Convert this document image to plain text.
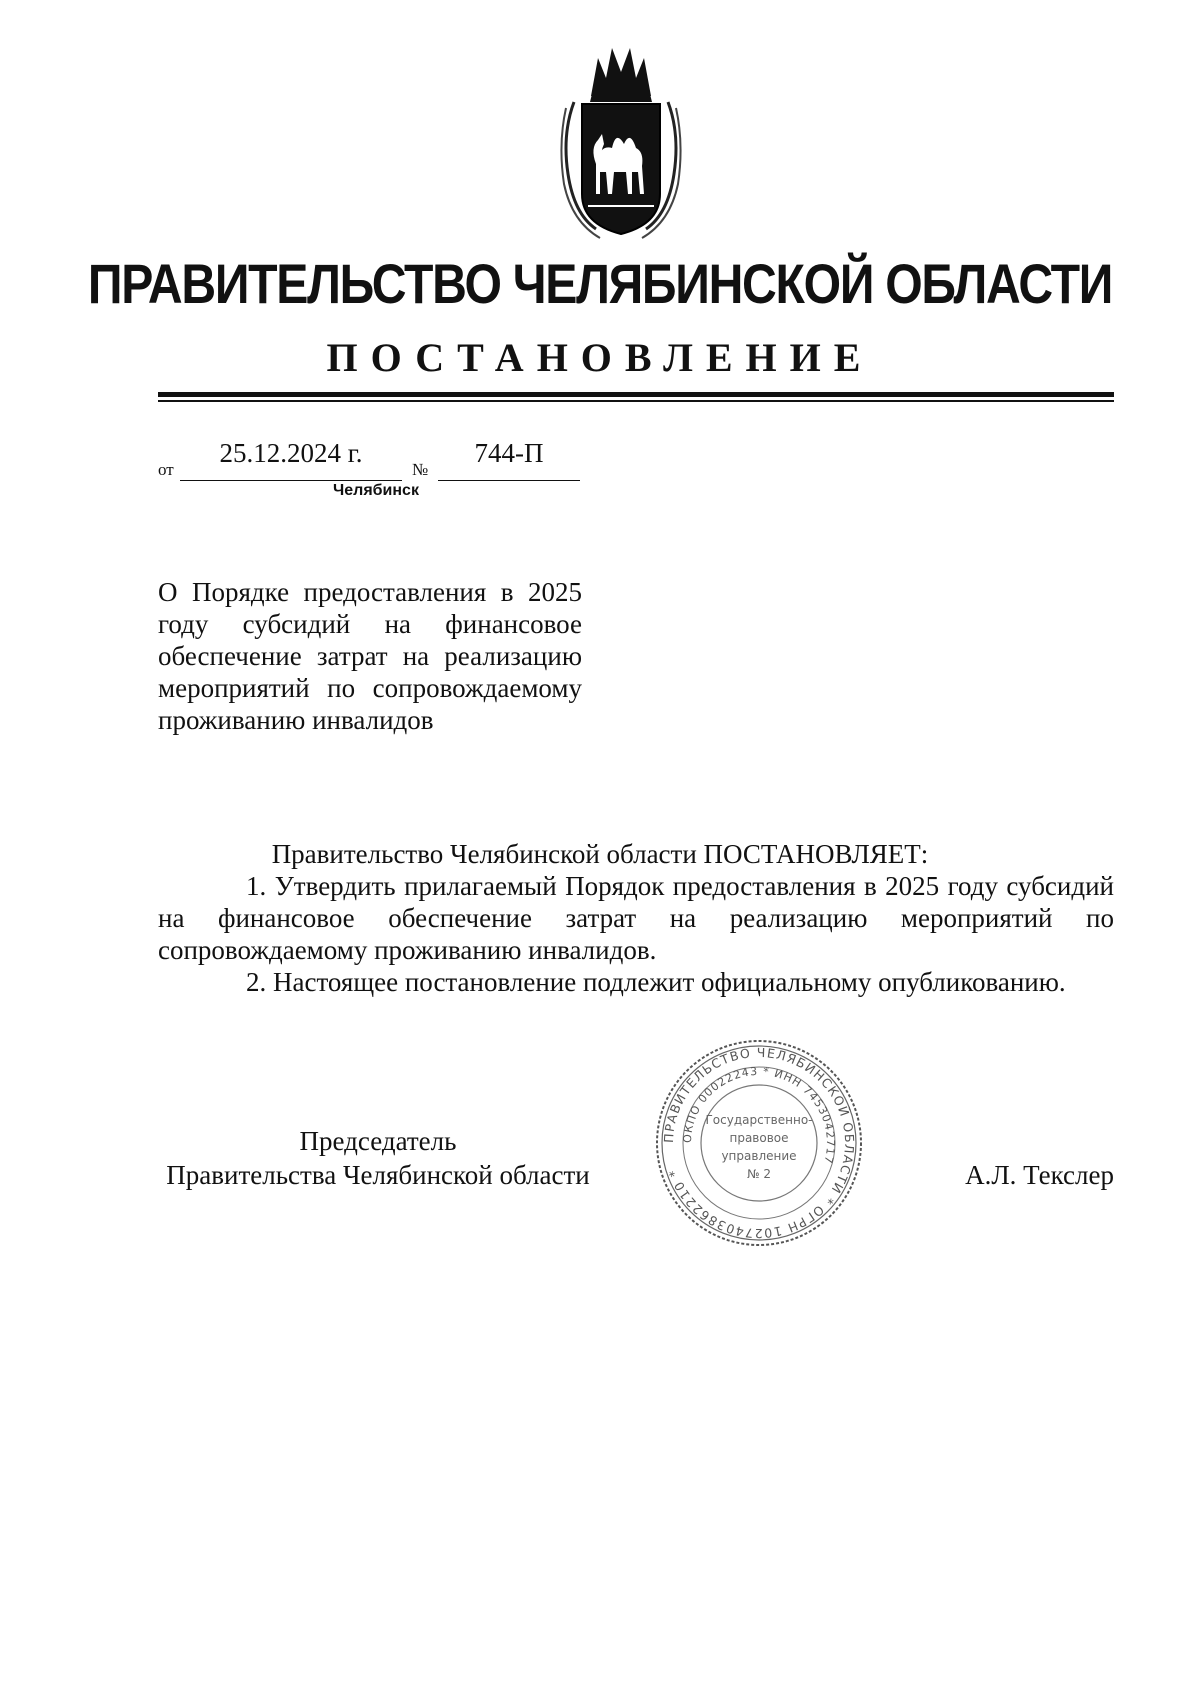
ПРАВИТЕЛЬСТВО ЧЕЛЯБИНСКОЙ ОБЛАСТИ
ПОСТАНОВЛЕНИЕ
от
25.12.2024 г.
№
744-П
Челябинск
О Порядке предоставления в 2025 году субсидий на финансовое обеспечение затрат на реализацию мероприятий по сопровождаемому проживанию инвалидов
Правительство Челябинской области ПОСТАНОВЛЯЕТ:
1. Утвердить прилагаемый Порядок предоставления в 2025 году субсидий на финансовое обеспечение затрат на реализацию мероприятий по сопровождаемому проживанию инвалидов.
2. Настоящее постановление подлежит официальному опубликованию.
Председатель
Правительства Челябинской области
ПРАВИТЕЛЬСТВО ЧЕЛЯБИНСКОЙ ОБЛАСТИ * ОГРН 1027403862210 *
ОКПО 00022243 * ИНН 7453042717
Государственно-
правовое
управление
№ 2	А.Л. Текслер
